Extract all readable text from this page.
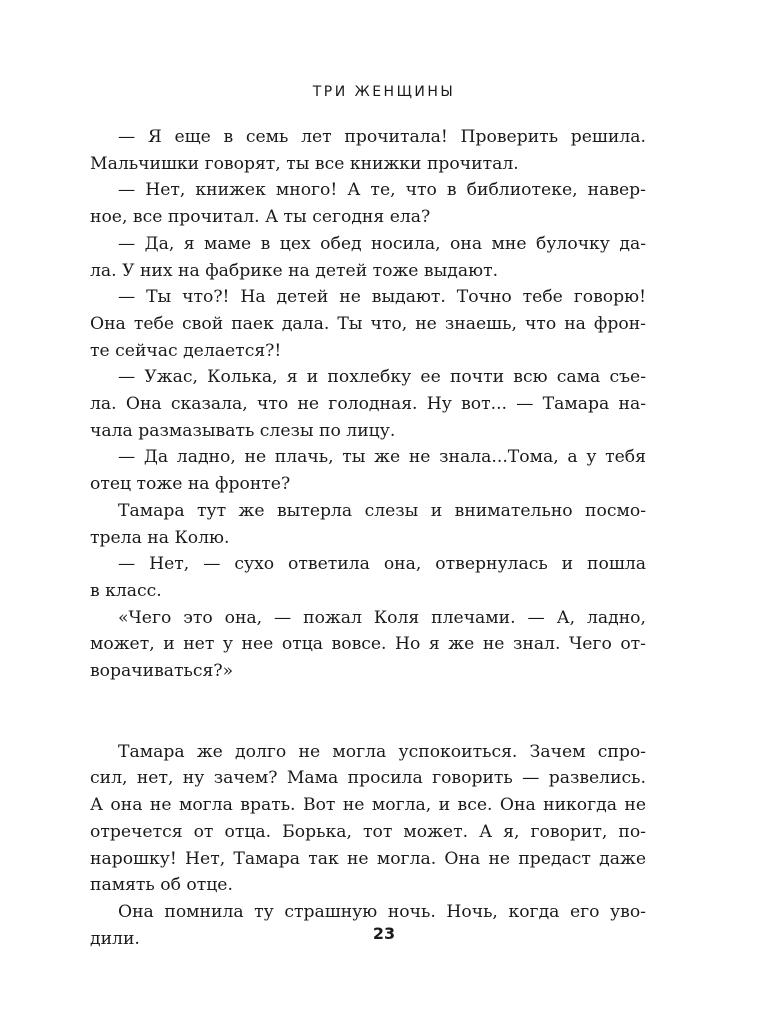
ТРИ ЖЕНЩИНЫ
— Я еще в семь лет прочитала! Проверить решила.
Мальчишки говорят, ты все книжки прочитал.
— Нет, книжек много! А те, что в библиотеке, навер-
ное, все прочитал. А ты сегодня ела?
— Да, я маме в цех обед носила, она мне булочку да-
ла. У них на фабрике на детей тоже выдают.
— Ты что?! На детей не выдают. Точно тебе говорю!
Она тебе свой паек дала. Ты что, не знаешь, что на фрон-
те сейчас делается?!
— Ужас, Колька, я и похлебку ее почти всю сама съе-
ла. Она сказала, что не голодная. Ну вот... — Тамара на-
чала размазывать слезы по лицу.
— Да ладно, не плачь, ты же не знала...Тома, а у тебя
отец тоже на фронте?
Тамара тут же вытерла слезы и внимательно посмо-
трела на Колю.
— Нет, — сухо ответила она, отвернулась и пошла
в класс.
«Чего это она, — пожал Коля плечами. — А, ладно,
может, и нет у нее отца вовсе. Но я же не знал. Чего от-
ворачиваться?»
Тамара же долго не могла успокоиться. Зачем спро-
сил, нет, ну зачем? Мама просила говорить — развелись.
А она не могла врать. Вот не могла, и все. Она никогда не
отречется от отца. Борька, тот может. А я, говорит, по-
нарошку! Нет, Тамара так не могла. Она не предаст даже
память об отце.
Она помнила ту страшную ночь. Ночь, когда его уво-
дили.	23
